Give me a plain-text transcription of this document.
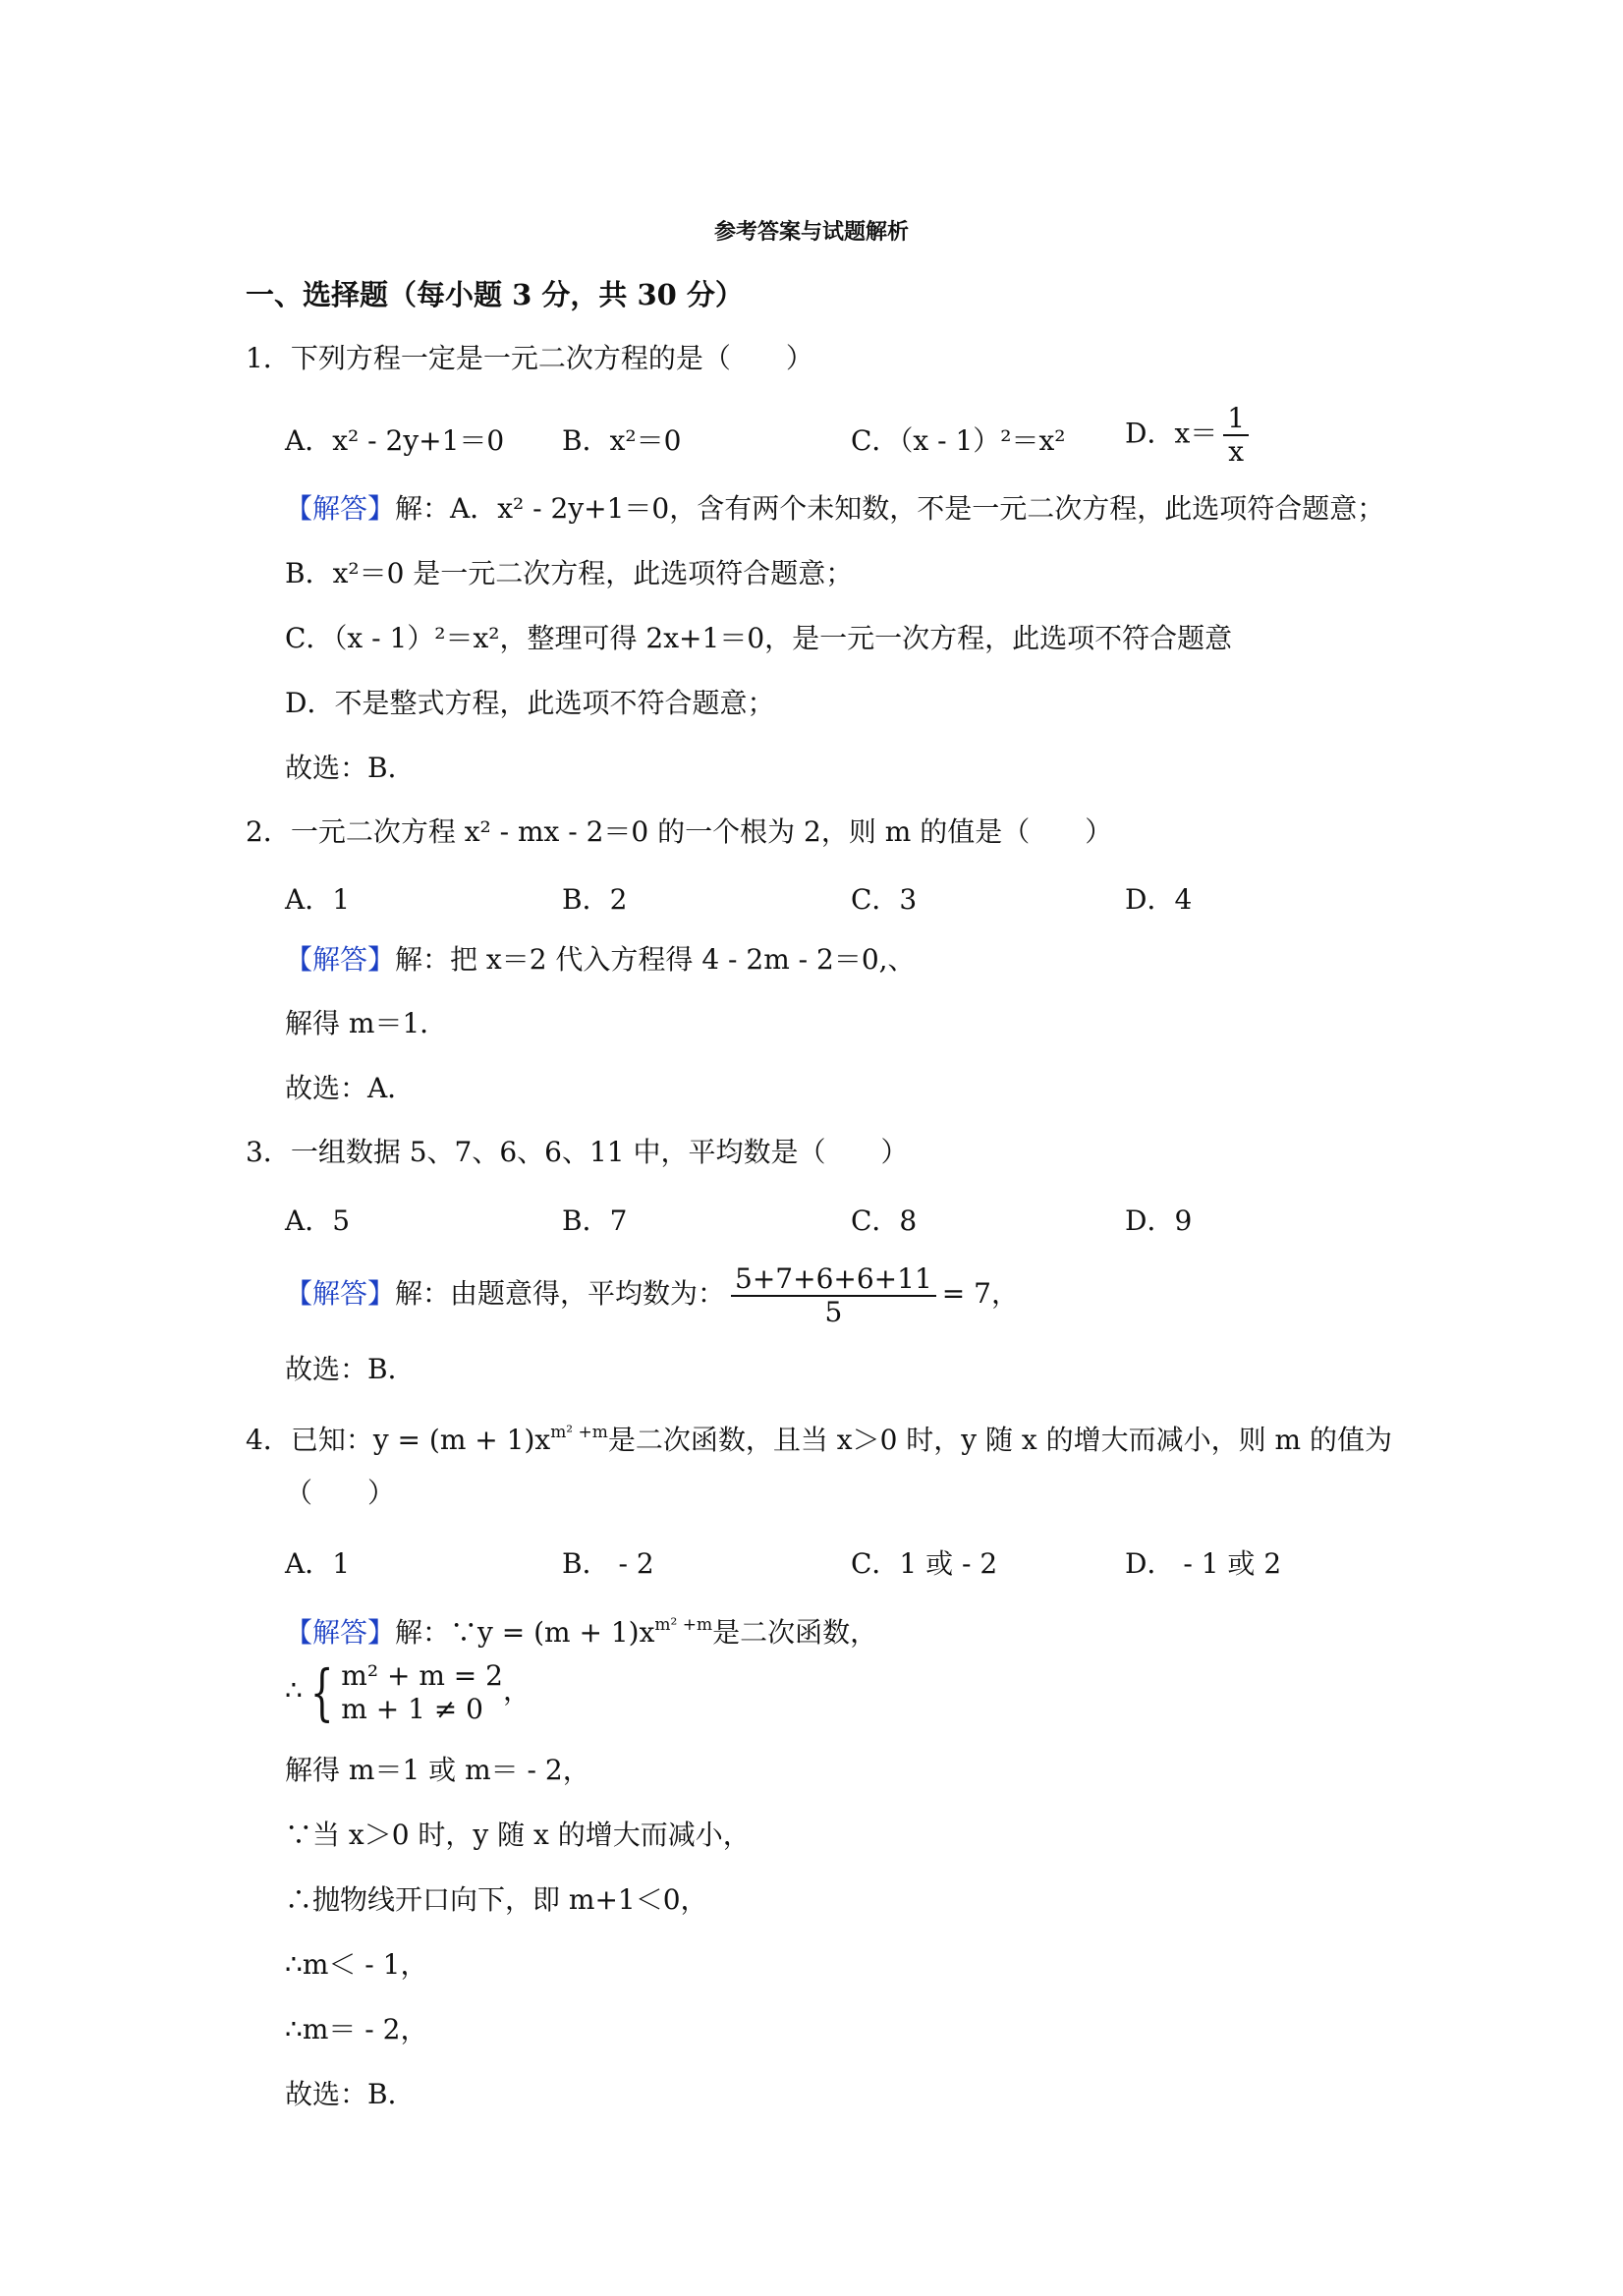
参考答案与试题解析
一、选择题（每小题 3 分，共 30 分）
1．下列方程一定是一元二次方程的是（　　）
A．x² - 2y+1＝0 B．x²＝0	C．（x - 1）²＝x² D．$x= \frac{1}{x}$
【解答】解：A．x² - 2y+1＝0，含有两个未知数，不是一元二次方程，此选项符合题意；
B．x²＝0 是一元二次方程，此选项符合题意；
C．（x - 1）²＝x²，整理可得 2x+1＝0，是一元一次方程，此选项不符合题意
D．不是整式方程，此选项不符合题意；
故选：B．
2．一元二次方程 x² - mx - 2＝0 的一个根为 2，则 m 的值是（　　）
A．1	B．2	C．3	D．4
【解答】解：把 x＝2 代入方程得 4 - 2m - 2＝0,、
解得 m＝1．
故选：A．
3．一组数据 5、7、6、6、11 中，平均数是（　　）
A．5	B．7	C．8	D．9
【解答】解：由题意得，平均数为： $\frac{5+7+6+6+11}{5} = 7$，
故选：B．
4．已知：$y = (m + 1)x^{m^2 +m}$是二次函数，且当 x＞0 时，y 随 x 的增大而减小，则 m 的值为
（　　）
A．1	B． - 2	C．1 或 - 2	D． - 1 或 2
【解答】解：∵y = $(m + 1)x^{m^2 +m}$是二次函数，
∴ { m² + m = 2
m + 1 ≠ 0
，
解得 m＝1 或 m＝ - 2，
∵当 x＞0 时，y 随 x 的增大而减小，
∴抛物线开口向下，即 m+1＜0，
∴m＜ - 1，
∴m＝ - 2，
故选：B．
